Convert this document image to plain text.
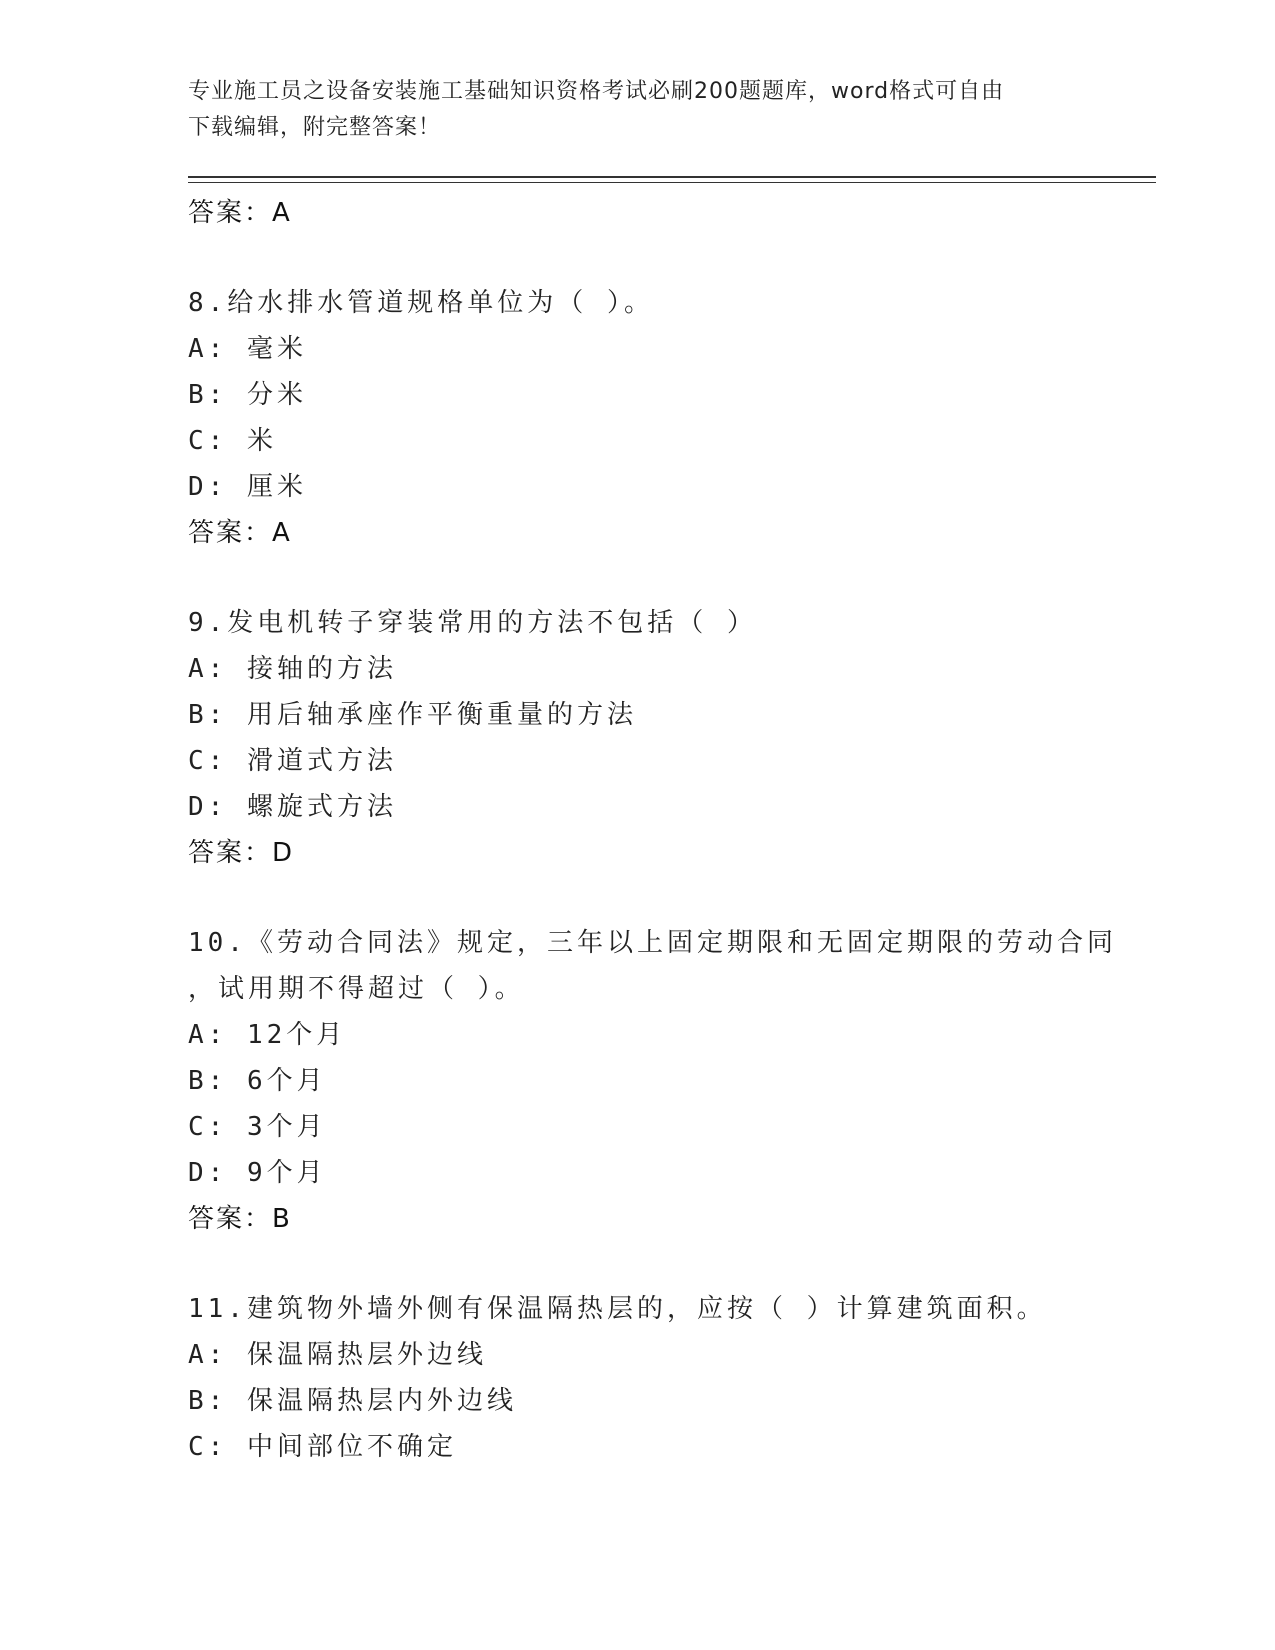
专业施工员之设备安装施工基础知识资格考试必刷200题题库，word格式可自由
下载编辑，附完整答案！
答案：A
8.给水排水管道规格单位为（ ）。
A: 毫米
B: 分米
C: 米
D: 厘米
答案：A
9.发电机转子穿装常用的方法不包括（ ）
A: 接轴的方法
B: 用后轴承座作平衡重量的方法
C: 滑道式方法
D: 螺旋式方法
答案：D
10.《劳动合同法》规定，三年以上固定期限和无固定期限的劳动合同
，试用期不得超过（ ）。
A: 12个月
B: 6个月
C: 3个月
D: 9个月
答案：B
11.建筑物外墙外侧有保温隔热层的，应按（ ）计算建筑面积。
A: 保温隔热层外边线
B: 保温隔热层内外边线
C: 中间部位不确定
